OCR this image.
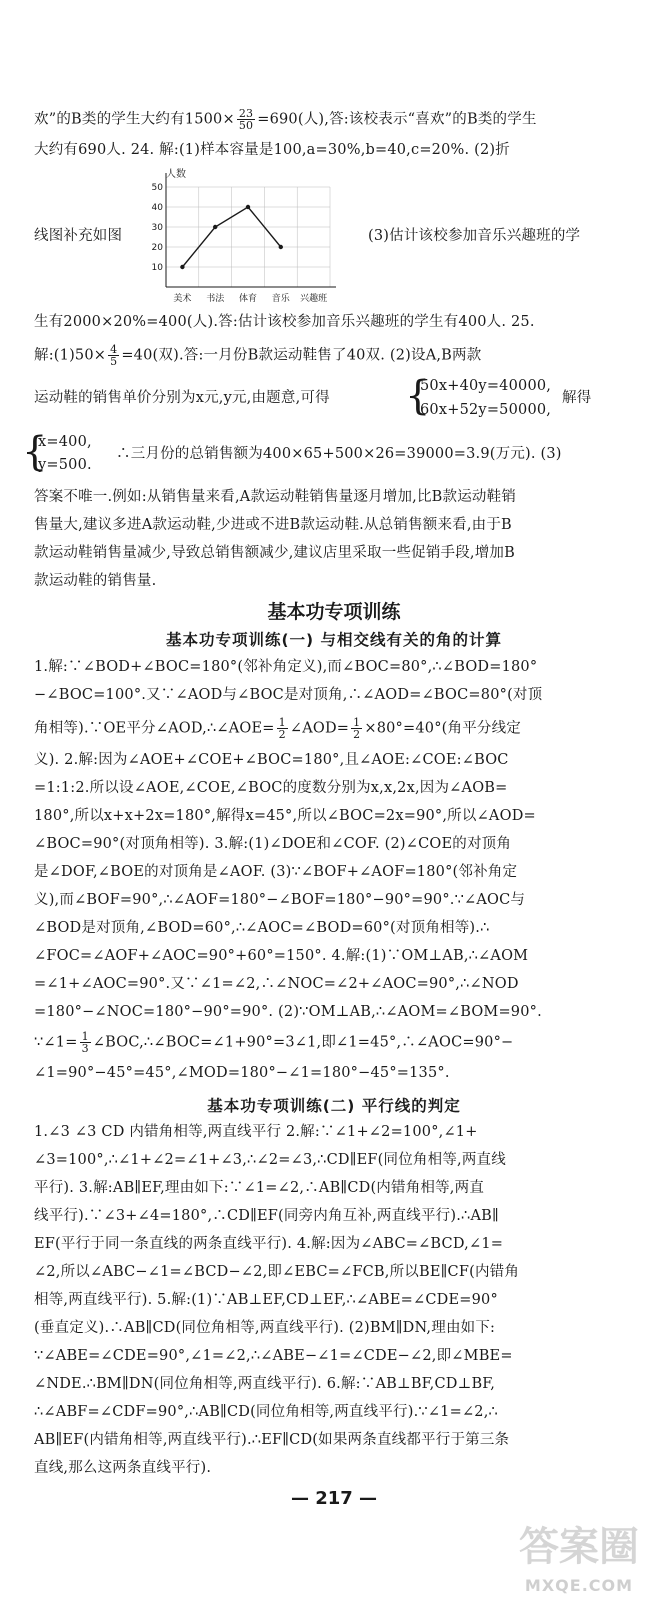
欢”的B类的学生大约有$1500\times \frac{23}{50} =690$(人),答:该校表示“喜欢”的B类的学生
大约有690人. 24. 解:(1)样本容量是100,a=30%,b=40,c=20%. (2)折
线图补充如图	(3)估计该校参加音乐兴趣班的学
人数
10
20
30
40
50
美术 书法 体育 音乐 兴趣班
生有2000×20%=400(人).答:估计该校参加音乐兴趣班的学生有400人. 25.
解:(1)50× $\frac{4}{5} =40$(双).答:一月份B款运动鞋售了40双. (2)设A,B两款
运动鞋的销售单价分别为x元,y元,由题意,可得	{
50x+40y=40000,
60x+52y=50000,
解得
{
x=400,
y=500.
∴三月份的总销售额为400×65+500×26=39000=3.9(万元). (3)
答案不唯一.例如:从销售量来看,A款运动鞋销售量逐月增加,比B款运动鞋销
售量大,建议多进A款运动鞋,少进或不进B款运动鞋.从总销售额来看,由于B
款运动鞋销售量减少,导致总销售额减少,建议店里采取一些促销手段,增加B
款运动鞋的销售量.
基本功专项训练
基本功专项训练(一) 与相交线有关的角的计算
1.解:∵∠BOD+∠BOC=180°(邻补角定义),而∠BOC=80°,∴∠BOD=180°
−∠BOC=100°.又∵∠AOD与∠BOC是对顶角,∴∠AOD=∠BOC=80°(对顶
角相等).∵OE平分∠AOD,∴∠AOE= $\frac{1}{2}$ ∠AOD= $\frac{1}{2} \times 80^\circ=40^\circ$(角平分线定
义). 2.解:因为∠AOE+∠COE+∠BOC=180°,且∠AOE:∠COE:∠BOC
=1:1:2.所以设∠AOE,∠COE,∠BOC的度数分别为x,x,2x,因为∠AOB=
180°,所以x+x+2x=180°,解得x=45°,所以∠BOC=2x=90°,所以∠AOD=
∠BOC=90°(对顶角相等). 3.解:(1)∠DOE和∠COF. (2)∠COE的对顶角
是∠DOF,∠BOE的对顶角是∠AOF. (3)∵∠BOF+∠AOF=180°(邻补角定
义),而∠BOF=90°,∴∠AOF=180°−∠BOF=180°−90°=90°.∵∠AOC与
∠BOD是对顶角,∠BOD=60°,∴∠AOC=∠BOD=60°(对顶角相等).∴
∠FOC=∠AOF+∠AOC=90°+60°=150°. 4.解:(1)∵OM⊥AB,∴∠AOM
=∠1+∠AOC=90°.又∵∠1=∠2,∴∠NOC=∠2+∠AOC=90°,∴∠NOD
=180°−∠NOC=180°−90°=90°. (2)∵OM⊥AB,∴∠AOM=∠BOM=90°.
∵∠1= $\frac{1}{3}$ ∠BOC,∴∠BOC=∠1+90°=3∠1,即∠1=45°,∴∠AOC=90°−
∠1=90°−45°=45°,∠MOD=180°−∠1=180°−45°=135°.
基本功专项训练(二) 平行线的判定
1.∠3 ∠3 CD 内错角相等,两直线平行 2.解:∵∠1+∠2=100°,∠1+
∠3=100°,∴∠1+∠2=∠1+∠3,∴∠2=∠3,∴CD∥EF(同位角相等,两直线
平行). 3.解:AB∥EF,理由如下:∵∠1=∠2,∴AB∥CD(内错角相等,两直
线平行).∵∠3+∠4=180°,∴CD∥EF(同旁内角互补,两直线平行).∴AB∥
EF(平行于同一条直线的两条直线平行). 4.解:因为∠ABC=∠BCD,∠1=
∠2,所以∠ABC−∠1=∠BCD−∠2,即∠EBC=∠FCB,所以BE∥CF(内错角
相等,两直线平行). 5.解:(1)∵AB⊥EF,CD⊥EF,∴∠ABE=∠CDE=90°
(垂直定义).∴AB∥CD(同位角相等,两直线平行). (2)BM∥DN,理由如下:
∵∠ABE=∠CDE=90°,∠1=∠2,∴∠ABE−∠1=∠CDE−∠2,即∠MBE=
∠NDE.∴BM∥DN(同位角相等,两直线平行). 6.解:∵AB⊥BF,CD⊥BF,
∴∠ABF=∠CDF=90°,∴AB∥CD(同位角相等,两直线平行).∵∠1=∠2,∴
AB∥EF(内错角相等,两直线平行).∴EF∥CD(如果两条直线都平行于第三条
直线,那么这两条直线平行).
— 217 —
答案圈
MXQE.COM
